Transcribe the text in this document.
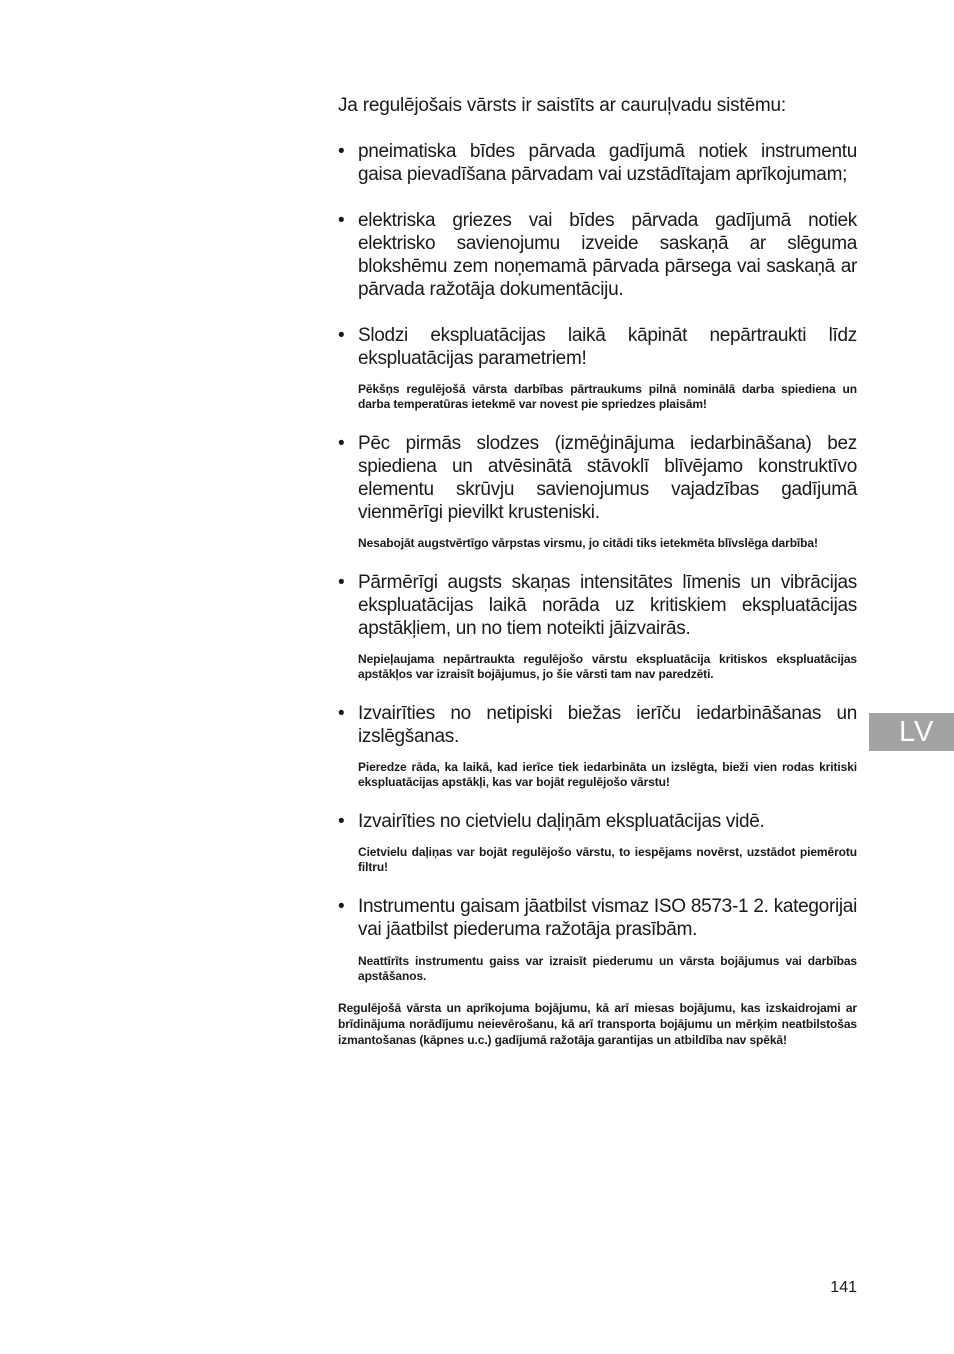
Ja regulējošais vārsts ir saistīts ar cauruļvadu sistēmu:

• pneimatiska bīdes pārvada gadījumā notiek instrumentu gaisa pievadīšana pārvadam vai uzstādītajam aprīkojumam;

• elektriska griezes vai bīdes pārvada gadījumā notiek elektrisko savienojumu izveide saskaņā ar slēguma blokshēmu zem noņemamā pārvada pārsega vai saskaņā ar pārvada ražotāja dokumentāciju.

• Slodzi ekspluatācijas laikā kāpināt nepārtraukti līdz ekspluatācijas parametriem!

Pēkšņs regulējošā vārsta darbības pārtraukums pilnā nominālā darba spiediena un darba temperatūras ietekmē var novest pie spriedzes plaisām!

• Pēc pirmās slodzes (izmēģinājuma iedarbināšana) bez spiediena un atvēsinātā stāvoklī blīvējamo konstruktīvo elementu skrūvju savienojumus vajadzības gadījumā vienmērīgi pievilkt krusteniski.

Nesabojāt augstvērtīgo vārpstas virsmu, jo citādi tiks ietekmēta blīvslēga darbība!

• Pārmērīgi augsts skaņas intensitātes līmenis un vibrācijas ekspluatācijas laikā norāda uz kritiskiem ekspluatācijas apstākļiem, un no tiem noteikti jāizvairās.

Nepieļaujama nepārtraukta regulējošo vārstu ekspluatācija kritiskos ekspluatācijas apstākļos var izraisīt bojājumus, jo šie vārsti tam nav paredzēti.

• Izvairīties no netipiski biežas ierīču iedarbināšanas un izslēgšanas.

Pieredze rāda, ka laikā, kad ierīce tiek iedarbināta un izslēgta, bieži vien rodas kritiski ekspluatācijas apstākļi, kas var bojāt regulējošo vārstu!

• Izvairīties no cietvielu daļiņām ekspluatācijas vidē.

Cietvielu daļiņas var bojāt regulējošo vārstu, to iespējams novērst, uzstādot piemērotu filtru!

• Instrumentu gaisam jāatbilst vismaz ISO 8573-1 2. kategorijai vai jāatbilst piederuma ražotāja prasībām.

Neattīrīts instrumentu gaiss var izraisīt piederumu un vārsta bojājumus vai darbības apstāšanos.

Regulējošā vārsta un aprīkojuma bojājumu, kā arī miesas bojājumu, kas izskaidrojami ar brīdinājuma norādījumu neievērošanu, kā arī transporta bojājumu un mērķim neatbilstošas izmantošanas (kāpnes u.c.) gadījumā ražotāja garantijas un atbildība nav spēkā!

LV
141
